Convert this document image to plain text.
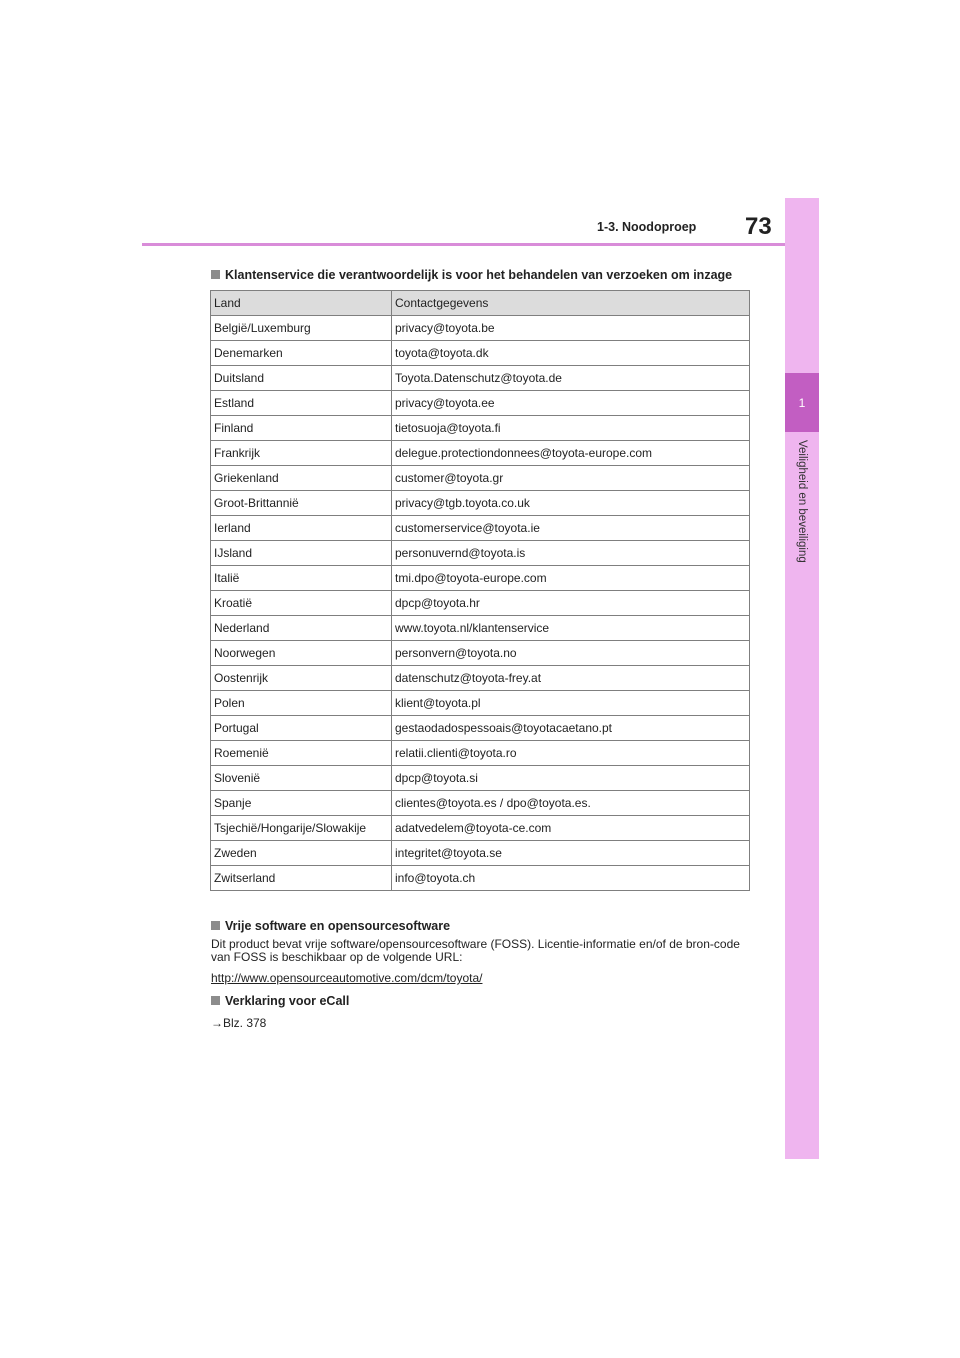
1
Veiligheid en beveiliging
1-3. Noodoproep 73
Klantenservice die verantwoordelijk is voor het behandelen van verzoeken om inzage
Land	Contactgegevens
België/Luxemburg	privacy@toyota.be
Denemarken	toyota@toyota.dk
Duitsland	Toyota.Datenschutz@toyota.de
Estland	privacy@toyota.ee
Finland	tietosuoja@toyota.fi
Frankrijk	delegue.protectiondonnees@toyota-europe.com
Griekenland	customer@toyota.gr
Groot-Brittannië	privacy@tgb.toyota.co.uk
Ierland	customerservice@toyota.ie
IJsland	personuvernd@toyota.is
Italië	tmi.dpo@toyota-europe.com
Kroatië	dpcp@toyota.hr
Nederland	www.toyota.nl/klantenservice
Noorwegen	personvern@toyota.no
Oostenrijk	datenschutz@toyota-frey.at
Polen	klient@toyota.pl
Portugal	gestaodadospessoais@toyotacaetano.pt
Roemenië	relatii.clienti@toyota.ro
Slovenië	dpcp@toyota.si
Spanje	clientes@toyota.es / dpo@toyota.es.
Tsjechië/Hongarije/Slowakije	adatvedelem@toyota-ce.com
Zweden	integritet@toyota.se
Zwitserland	info@toyota.ch
Vrije software en opensourcesoftware
Dit product bevat vrije software/opensourcesoftware (FOSS). Licentie-informatie en/of de bron-code van FOSS is beschikbaar op de volgende URL:
http://www.opensourceautomotive.com/dcm/toyota/
Verklaring voor eCall
→Blz. 378
